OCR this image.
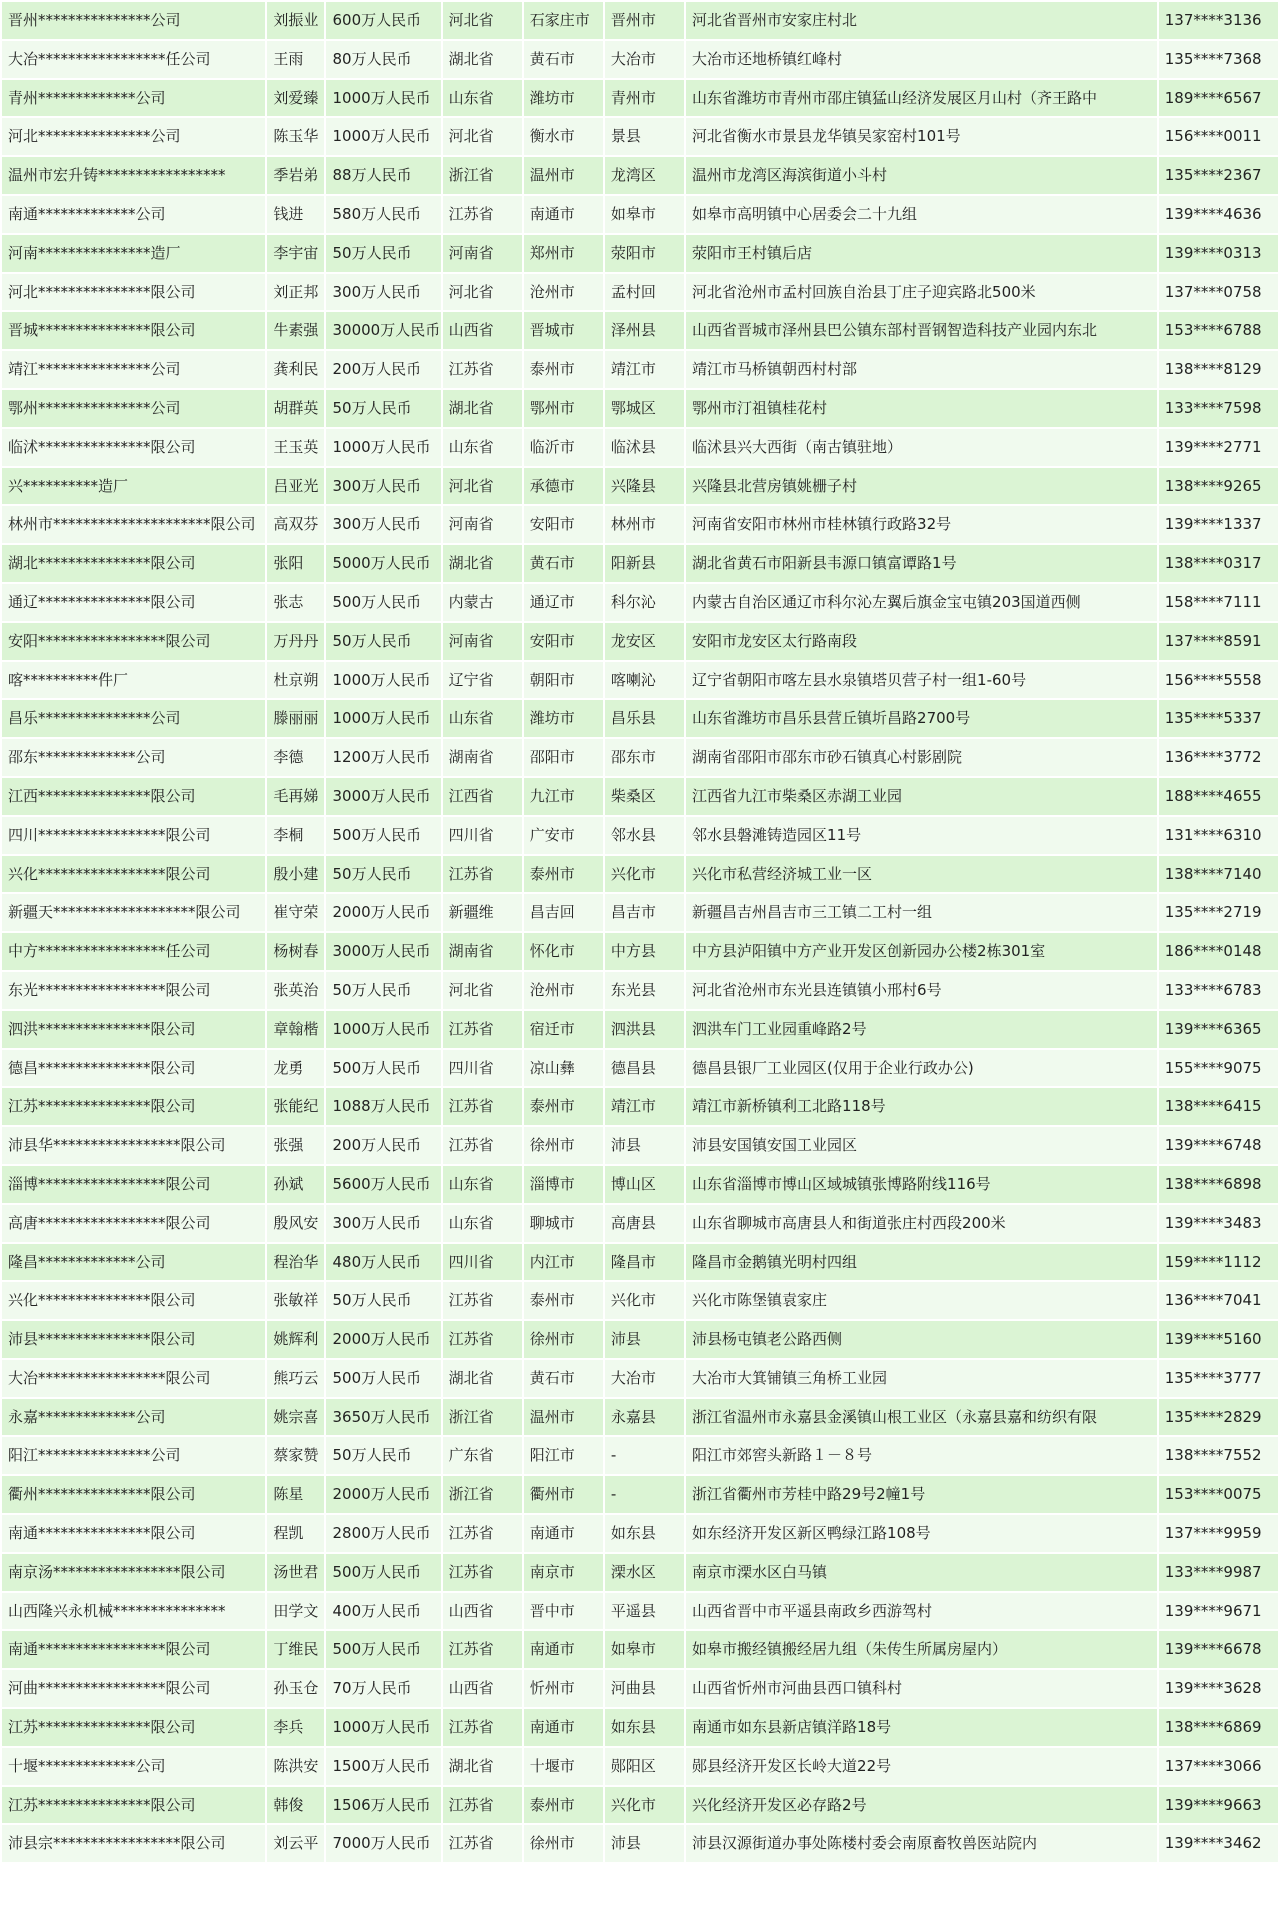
晋州***************公司	刘振业	600万人民币	河北省	石家庄市	晋州市	河北省晋州市安家庄村北	137****3136
大冶*****************任公司	王雨	80万人民币	湖北省	黄石市	大冶市	大冶市还地桥镇红峰村	135****7368
青州*************公司	刘爱臻	1000万人民币	山东省	潍坊市	青州市	山东省潍坊市青州市邵庄镇猛山经济发展区月山村（齐王路中	189****6567
河北***************公司	陈玉华	1000万人民币	河北省	衡水市	景县	河北省衡水市景县龙华镇吴家窑村101号	156****0011
温州市宏升铸*****************	季岩弟	88万人民币	浙江省	温州市	龙湾区	温州市龙湾区海滨街道小斗村	135****2367
南通*************公司	钱进	580万人民币	江苏省	南通市	如皋市	如皋市高明镇中心居委会二十九组	139****4636
河南***************造厂	李宇宙	50万人民币	河南省	郑州市	荥阳市	荥阳市王村镇后店	139****0313
河北***************限公司	刘正邦	300万人民币	河北省	沧州市	孟村回	河北省沧州市孟村回族自治县丁庄子迎宾路北500米	137****0758
晋城***************限公司	牛素强	30000万人民币	山西省	晋城市	泽州县	山西省晋城市泽州县巴公镇东部村晋钢智造科技产业园内东北	153****6788
靖江***************公司	龚利民	200万人民币	江苏省	泰州市	靖江市	靖江市马桥镇朝西村村部	138****8129
鄂州***************公司	胡群英	50万人民币	湖北省	鄂州市	鄂城区	鄂州市汀祖镇桂花村	133****7598
临沭***************限公司	王玉英	1000万人民币	山东省	临沂市	临沭县	临沭县兴大西街（南古镇驻地）	139****2771
兴**********造厂	吕亚光	300万人民币	河北省	承德市	兴隆县	兴隆县北营房镇姚栅子村	138****9265
林州市*********************限公司	高双芬	300万人民币	河南省	安阳市	林州市	河南省安阳市林州市桂林镇行政路32号	139****1337
湖北***************限公司	张阳	5000万人民币	湖北省	黄石市	阳新县	湖北省黄石市阳新县韦源口镇富谭路1号	138****0317
通辽***************限公司	张志	500万人民币	内蒙古	通辽市	科尔沁	内蒙古自治区通辽市科尔沁左翼后旗金宝屯镇203国道西侧	158****7111
安阳*****************限公司	万丹丹	50万人民币	河南省	安阳市	龙安区	安阳市龙安区太行路南段	137****8591
喀**********件厂	杜京朔	1000万人民币	辽宁省	朝阳市	喀喇沁	辽宁省朝阳市喀左县水泉镇塔贝营子村一组1-60号	156****5558
昌乐***************公司	滕丽丽	1000万人民币	山东省	潍坊市	昌乐县	山东省潍坊市昌乐县营丘镇圻昌路2700号	135****5337
邵东*************公司	李德	1200万人民币	湖南省	邵阳市	邵东市	湖南省邵阳市邵东市砂石镇真心村影剧院	136****3772
江西***************限公司	毛再娣	3000万人民币	江西省	九江市	柴桑区	江西省九江市柴桑区赤湖工业园	188****4655
四川*****************限公司	李桐	500万人民币	四川省	广安市	邻水县	邻水县磐滩铸造园区11号	131****6310
兴化*****************限公司	殷小建	50万人民币	江苏省	泰州市	兴化市	兴化市私营经济城工业一区	138****7140
新疆天*******************限公司	崔守荣	2000万人民币	新疆维	昌吉回	昌吉市	新疆昌吉州昌吉市三工镇二工村一组	135****2719
中方*****************任公司	杨树春	3000万人民币	湖南省	怀化市	中方县	中方县泸阳镇中方产业开发区创新园办公楼2栋301室	186****0148
东光*****************限公司	张英治	50万人民币	河北省	沧州市	东光县	河北省沧州市东光县连镇镇小邢村6号	133****6783
泗洪***************限公司	章翰楷	1000万人民币	江苏省	宿迁市	泗洪县	泗洪车门工业园重峰路2号	139****6365
德昌***************限公司	龙勇	500万人民币	四川省	凉山彝	德昌县	德昌县银厂工业园区(仅用于企业行政办公)	155****9075
江苏***************限公司	张能纪	1088万人民币	江苏省	泰州市	靖江市	靖江市新桥镇利工北路118号	138****6415
沛县华*****************限公司	张强	200万人民币	江苏省	徐州市	沛县	沛县安国镇安国工业园区	139****6748
淄博*****************限公司	孙斌	5600万人民币	山东省	淄博市	博山区	山东省淄博市博山区域城镇张博路附线116号	138****6898
高唐*****************限公司	殷风安	300万人民币	山东省	聊城市	高唐县	山东省聊城市高唐县人和街道张庄村西段200米	139****3483
隆昌*************公司	程治华	480万人民币	四川省	内江市	隆昌市	隆昌市金鹅镇光明村四组	159****1112
兴化***************限公司	张敏祥	50万人民币	江苏省	泰州市	兴化市	兴化市陈堡镇袁家庄	136****7041
沛县***************限公司	姚辉利	2000万人民币	江苏省	徐州市	沛县	沛县杨屯镇老公路西侧	139****5160
大冶*****************限公司	熊巧云	500万人民币	湖北省	黄石市	大冶市	大冶市大箕铺镇三角桥工业园	135****3777
永嘉*************公司	姚宗喜	3650万人民币	浙江省	温州市	永嘉县	浙江省温州市永嘉县金溪镇山根工业区（永嘉县嘉和纺织有限	135****2829
阳江***************公司	蔡家赞	50万人民币	广东省	阳江市	-	阳江市郊窖头新路１－８号	138****7552
衢州***************限公司	陈星	2000万人民币	浙江省	衢州市	-	浙江省衢州市芳桂中路29号2幢1号	153****0075
南通***************限公司	程凯	2800万人民币	江苏省	南通市	如东县	如东经济开发区新区鸭绿江路108号	137****9959
南京汤*****************限公司	汤世君	500万人民币	江苏省	南京市	溧水区	南京市溧水区白马镇	133****9987
山西隆兴永机械***************	田学文	400万人民币	山西省	晋中市	平遥县	山西省晋中市平遥县南政乡西游驾村	139****9671
南通*****************限公司	丁维民	500万人民币	江苏省	南通市	如皋市	如皋市搬经镇搬经居九组（朱传生所属房屋内）	139****6678
河曲*****************限公司	孙玉仓	70万人民币	山西省	忻州市	河曲县	山西省忻州市河曲县西口镇科村	139****3628
江苏***************限公司	李兵	1000万人民币	江苏省	南通市	如东县	南通市如东县新店镇洋路18号	138****6869
十堰*************公司	陈洪安	1500万人民币	湖北省	十堰市	郧阳区	郧县经济开发区长岭大道22号	137****3066
江苏***************限公司	韩俊	1506万人民币	江苏省	泰州市	兴化市	兴化经济开发区必存路2号	139****9663
沛县宗*****************限公司	刘云平	7000万人民币	江苏省	徐州市	沛县	沛县汉源街道办事处陈楼村委会南原畜牧兽医站院内	139****3462
